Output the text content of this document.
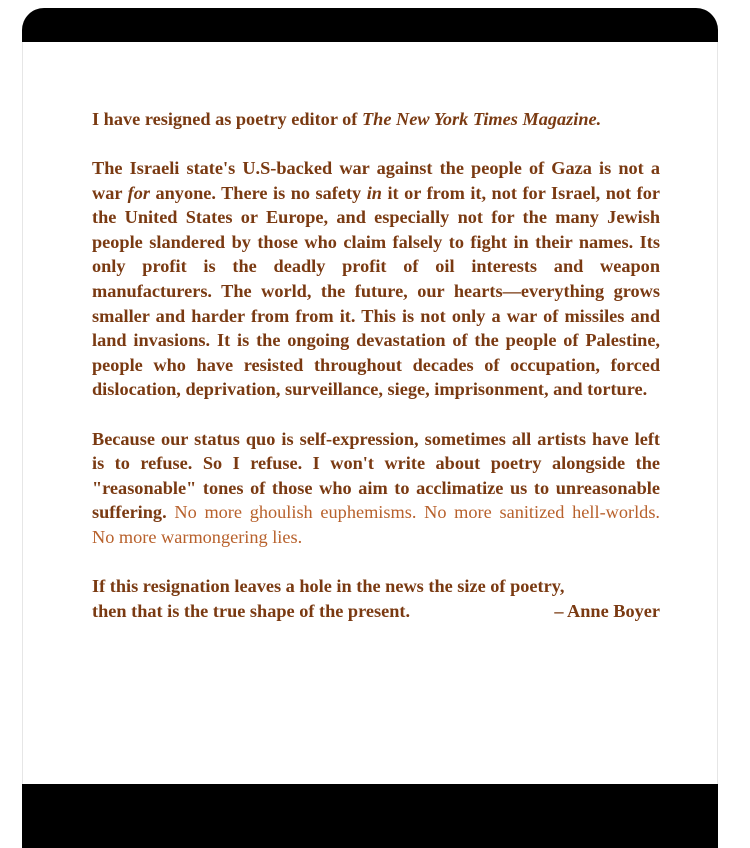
I have resigned as poetry editor of The New York Times Magazine.

The Israeli state's U.S-backed war against the people of Gaza is not a war for anyone. There is no safety in it or from it, not for Israel, not for the United States or Europe, and especially not for the many Jewish people slandered by those who claim falsely to fight in their names. Its only profit is the deadly profit of oil interests and weapon manufacturers. The world, the future, our hearts—everything grows smaller and harder from from it. This is not only a war of missiles and land invasions. It is the ongoing devastation of the people of Palestine, people who have resisted throughout decades of occupation, forced dislocation, deprivation, surveillance, siege, imprisonment, and torture.

Because our status quo is self-expression, sometimes all artists have left is to refuse. So I refuse. I won't write about poetry alongside the "reasonable" tones of those who aim to acclimatize us to unreasonable suffering. No more ghoulish euphemisms. No more sanitized hell-worlds. No more warmongering lies.

If this resignation leaves a hole in the news the size of poetry,
then that is the true shape of the present.	– Anne Boyer
